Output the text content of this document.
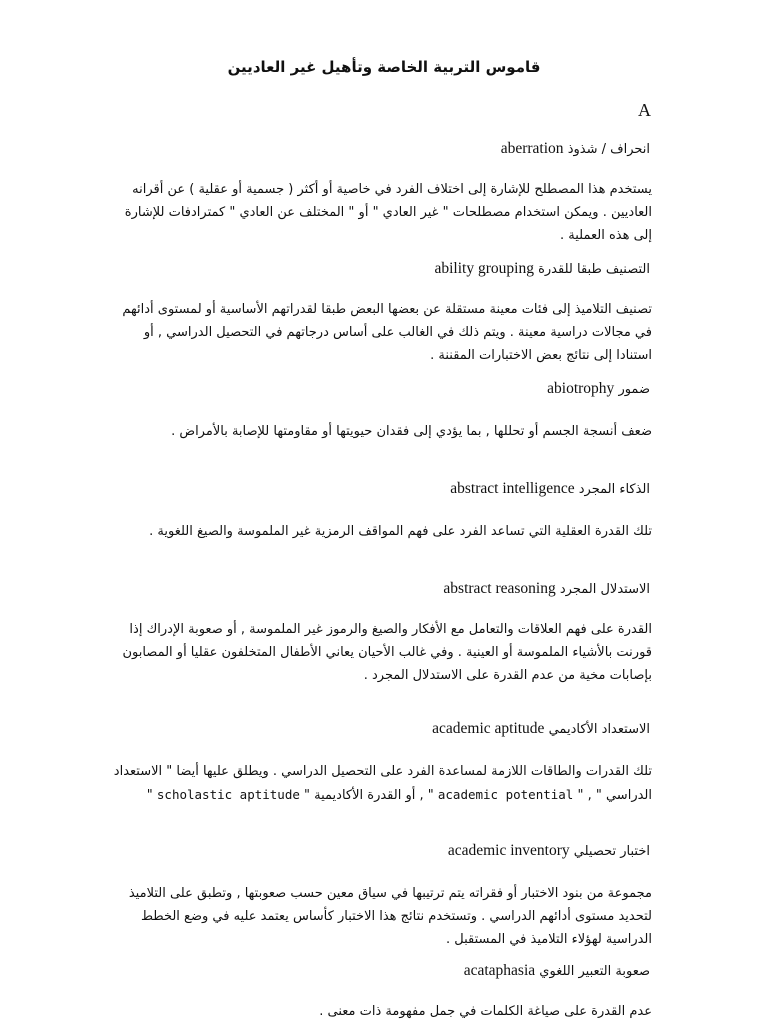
قاموس التربية الخاصة وتأهيل غير العاديين
A
انحراف / شذوذ aberration
يستخدم هذا المصطلح للإشارة إلى اختلاف الفرد في خاصية أو أكثر ( جسمية أو عقلية ) عن أقرانه العاديين . ويمكن استخدام مصطلحات " غير العادي " أو " المختلف عن العادي " كمترادفات للإشارة إلى هذه العملية .
التصنيف طبقا للقدرة ability grouping
تصنيف التلاميذ إلى فئات معينة مستقلة عن بعضها البعض طبقا لقدراتهم الأساسية أو لمستوى أدائهم في مجالات دراسية معينة . ويتم ذلك في الغالب على أساس درجاتهم في التحصيل الدراسي , أو استنادا إلى نتائج بعض الاختبارات المقننة .
ضمور abiotrophy
ضعف أنسجة الجسم أو تحللها , بما يؤدي إلى فقدان حيويتها أو مقاومتها للإصابة بالأمراض .
الذكاء المجرد abstract intelligence
تلك القدرة العقلية التي تساعد الفرد على فهم المواقف الرمزية غير الملموسة والصيغ اللغوية .
الاستدلال المجرد abstract reasoning
القدرة على فهم العلاقات والتعامل مع الأفكار والصيغ والرموز غير الملموسة , أو صعوبة الإدراك إذا قورنت بالأشياء الملموسة أو العينية . وفي غالب الأحيان يعاني الأطفال المتخلفون عقليا أو المصابون بإصابات مخية من عدم القدرة على الاستدلال المجرد .
الاستعداد الأكاديمي academic aptitude
تلك القدرات والطاقات اللازمة لمساعدة الفرد على التحصيل الدراسي . ويطلق عليها أيضا " الاستعداد الدراسي " , " academic potential " , أو القدرة الأكاديمية " scholastic aptitude "
اختبار تحصيلي academic inventory
مجموعة من بنود الاختبار أو فقراته يتم ترتيبها في سياق معين حسب صعوبتها , وتطبق على التلاميذ لتحديد مستوى أدائهم الدراسي . وتستخدم نتائج هذا الاختبار كأساس يعتمد عليه في وضع الخطط الدراسية لهؤلاء التلاميذ في المستقبل .
صعوبة التعبير اللغوي acataphasia
عدم القدرة على صياغة الكلمات في جمل مفهومة ذات معنى .
